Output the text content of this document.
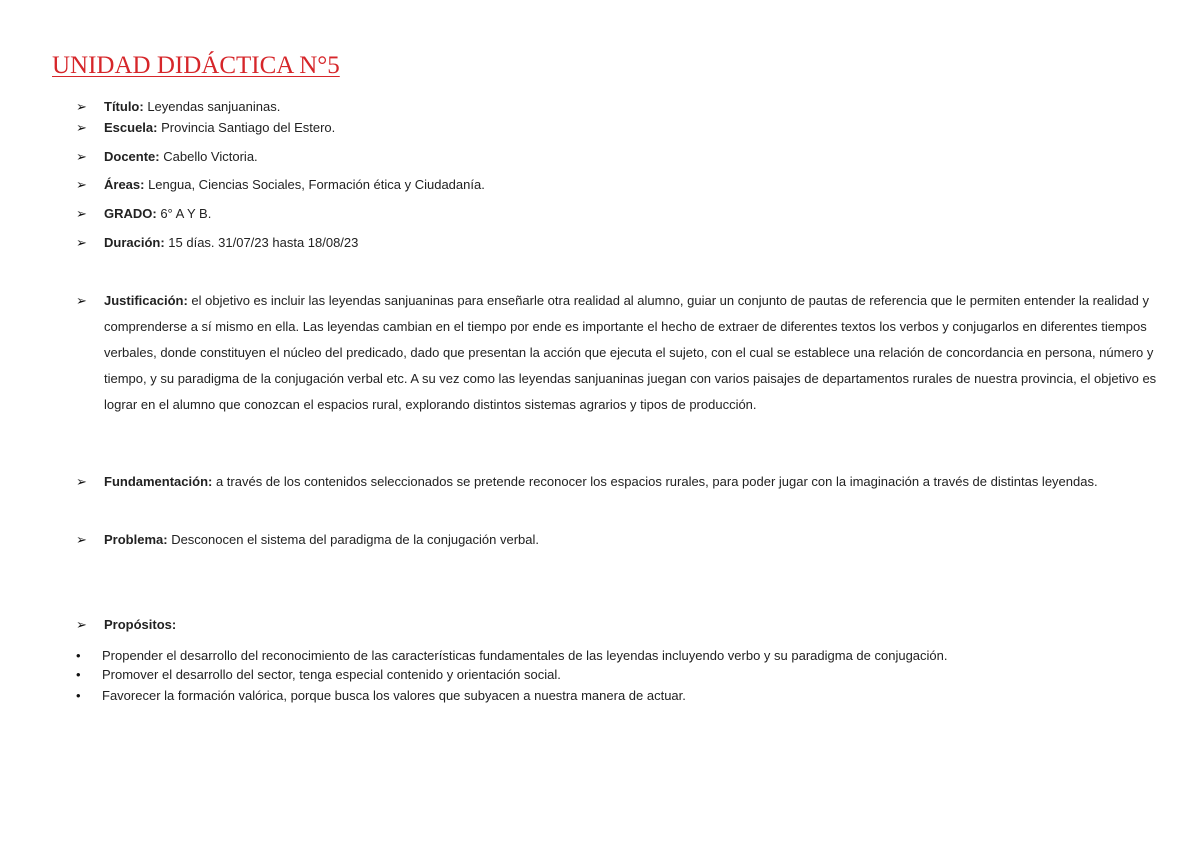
UNIDAD DIDÁCTICA N°5
➢ Título: Leyendas sanjuaninas.
➢ Escuela: Provincia Santiago del Estero.
➢ Docente: Cabello Victoria.
➢ Áreas: Lengua, Ciencias Sociales, Formación ética y Ciudadanía.
➢ GRADO: 6° A Y B.
➢ Duración: 15 días. 31/07/23 hasta 18/08/23
➢ Justificación: el objetivo es incluir las leyendas sanjuaninas para enseñarle otra realidad al alumno, guiar un conjunto de pautas de referencia que le permiten entender la realidad y comprenderse a sí mismo en ella. Las leyendas cambian en el tiempo por ende es importante el hecho de extraer de diferentes textos los verbos y conjugarlos en diferentes tiempos verbales, donde constituyen el núcleo del predicado, dado que presentan la acción que ejecuta el sujeto, con el cual se establece una relación de concordancia en persona, número y tiempo, y su paradigma de la conjugación verbal etc. A su vez como las leyendas sanjuaninas juegan con varios paisajes de departamentos rurales de nuestra provincia, el objetivo es lograr en el alumno que conozcan el espacios rural, explorando distintos sistemas agrarios y tipos de producción.
➢ Fundamentación: a través de los contenidos seleccionados se pretende reconocer los espacios rurales, para poder jugar con la imaginación a través de distintas leyendas.
➢ Problema: Desconocen el sistema del paradigma de la conjugación verbal.
➢ Propósitos:
• Propender el desarrollo del reconocimiento de las características fundamentales de las leyendas incluyendo verbo y su paradigma de conjugación.
• Promover el desarrollo del sector, tenga especial contenido y orientación social.
• Favorecer la formación valórica, porque busca los valores que subyacen a nuestra manera de actuar.
